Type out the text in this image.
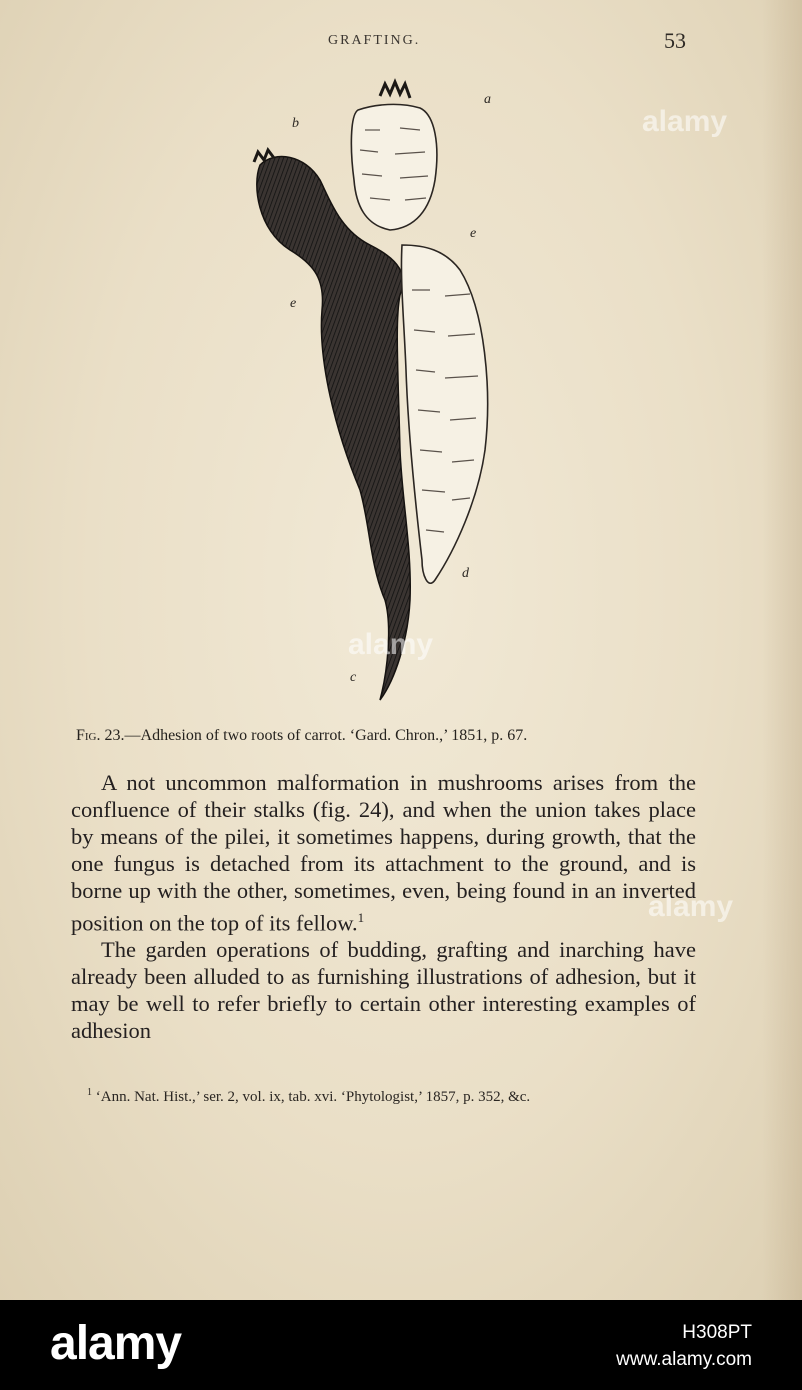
GRAFTING.	53
a
b
e
e
d
c
Fig. 23.—Adhesion of two roots of carrot. ‘Gard. Chron.,’ 1851, p. 67.

A not uncommon malformation in mushrooms arises from the confluence of their stalks (fig. 24), and when the union takes place by means of the pilei, it sometimes happens, during growth, that the one fungus is detached from its attachment to the ground, and is borne up with the other, sometimes, even, being found in an inverted position on the top of its fellow.$^1$

The garden operations of budding, grafting and inarching have already been alluded to as furnishing illustrations of adhesion, but it may be well to refer briefly to certain other interesting examples of adhesion

$^1$ ‘Ann. Nat. Hist.,’ ser. 2, vol. ix, tab. xvi. ‘Phytologist,’ 1857, p. 352, &c.
alamy
alamy
alamy
alamy	H308PT
www.alamy.com
